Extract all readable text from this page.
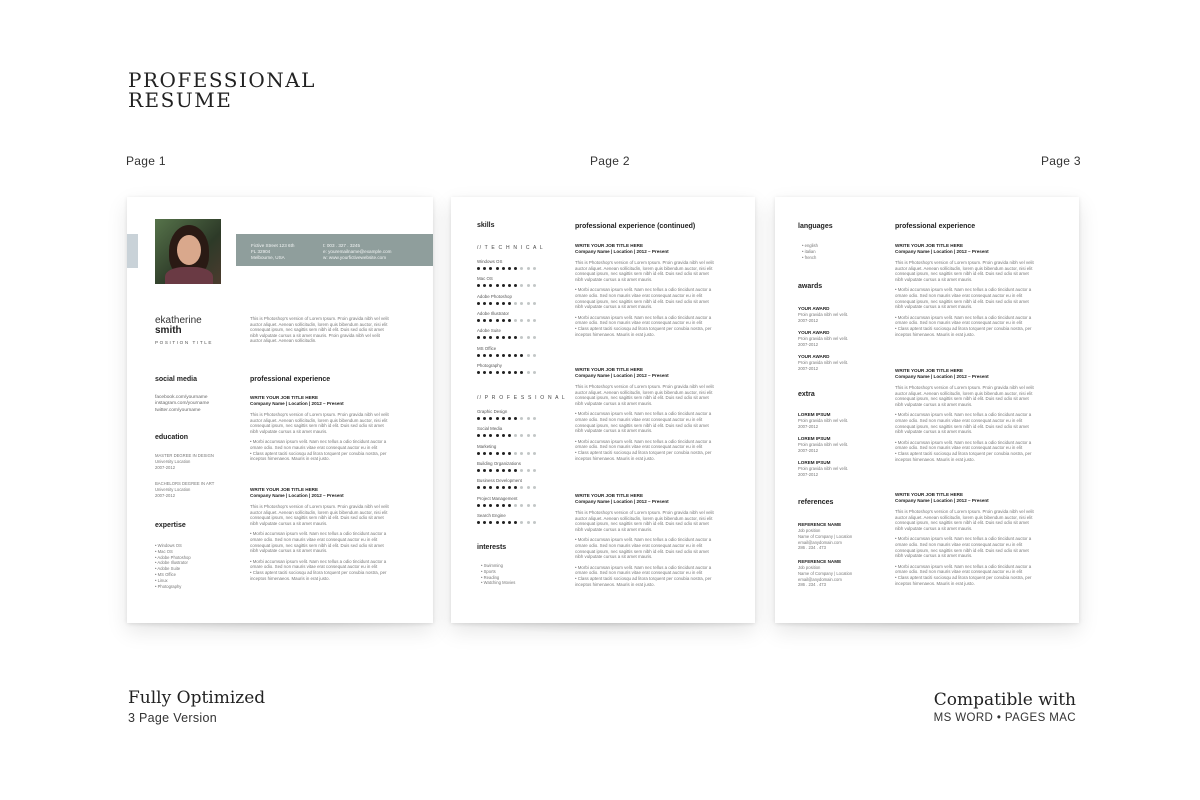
PROFESSIONAL
RESUME
Page 1	Page 2	Page 3
Fictive Street 123 6th
FL 32904
Melbourne, USA
t: 003 . 327 . 3245
e: youremailname@example.com
w: www.yourfictivewebsite.com
ekatherine
smith
POSITION TITLE
This is Photoshop's version of Lorem Ipsum. Proin gravida nibh vel velit
auctor aliquet. Aenean sollicitudin, lorem quis bibendum auctor, nisi elit
consequat ipsum, nec sagittis sem nibh id elit. Duis sed odio sit amet
nibh vulputate cursus a sit amet mauris. Proin gravida nibh vel velit
auctor aliquet. Aenean sollicitudin.
social media
facebook.com/yourname
instagram.com/yourname
twitter.com/yourname
education
MASTER DEGREE IN DESIGN
University Location
2007-2012
BACHELORS DEGREE IN ART
University Location
2007-2012
expertise
• Windows OS
• Mac OS
• Adobe Photoshop
• Adobe Illustrator
• Adobe Suite
• MS Office
• Linux
• Photography
professional experience
WRITE YOUR JOB TITLE HERE
Company Name | Location | 2012 – Present
This is Photoshop's version of Lorem Ipsum. Proin gravida nibh vel velit
auctor aliquet. Aenean sollicitudin, lorem quis bibendum auctor, nisi elit
consequat ipsum, nec sagittis sem nibh id elit. Duis sed odio sit amet
nibh vulputate cursus a sit amet mauris.
• Morbi accumsan ipsum velit. Nam nec tellus a odio tincidunt auctor a
ornare odio. Sed non mauris vitae erat consequat auctor eu in elit
• Class aptent taciti sociosqu ad litora torquent per conubia nostra, per
inceptos himenaeos. Mauris in erat justo.
WRITE YOUR JOB TITLE HERE
Company Name | Location | 2012 – Present
This is Photoshop's version of Lorem Ipsum. Proin gravida nibh vel velit
auctor aliquet. Aenean sollicitudin, lorem quis bibendum auctor, nisi elit
consequat ipsum, nec sagittis sem nibh id elit. Duis sed odio sit amet
nibh vulputate cursus a sit amet mauris.
• Morbi accumsan ipsum velit. Nam nec tellus a odio tincidunt auctor a
ornare odio. Sed non mauris vitae erat consequat auctor eu in elit
consequat ipsum, nec sagittis sem nibh id elit. Duis sed odio sit amet
nibh vulputate cursus a sit amet mauris.
• Morbi accumsan ipsum velit. Nam nec tellus a odio tincidunt auctor a
ornare odio. Sed non mauris vitae erat consequat auctor eu in elit
• Class aptent taciti sociosqu ad litora torquent per conubia nostra, per
inceptos himenaeos. Mauris in erat justo.
skills
// T E C H N I C A L
Windows OS
Mac OS
Adobe Photoshop
Adobe Illustrator
Adobe Suite
MS Office
Photography
// P R O F E S S I O N A L
Graphic Design
Social Media
Marketing
Building Organizations
Business Development
Project Management
Search Engine
interests
• Swimming
• Sports
• Reading
• Watching Movies
professional experience (continued)
WRITE YOUR JOB TITLE HERE
Company Name | Location | 2012 – Present
This is Photoshop's version of Lorem Ipsum. Proin gravida nibh vel velit
auctor aliquet. Aenean sollicitudin, lorem quis bibendum auctor, nisi elit
consequat ipsum, nec sagittis sem nibh id elit. Duis sed odio sit amet
nibh vulputate cursus a sit amet mauris.
• Morbi accumsan ipsum velit. Nam nec tellus a odio tincidunt auctor a
ornare odio. Sed non mauris vitae erat consequat auctor eu in elit
consequat ipsum, nec sagittis sem nibh id elit. Duis sed odio sit amet
nibh vulputate cursus a sit amet mauris.
• Morbi accumsan ipsum velit. Nam nec tellus a odio tincidunt auctor a
ornare odio. Sed non mauris vitae erat consequat auctor eu in elit
• Class aptent taciti sociosqu ad litora torquent per conubia nostra, per
inceptos himenaeos. Mauris in erat justo.
WRITE YOUR JOB TITLE HERE
Company Name | Location | 2012 – Present
This is Photoshop's version of Lorem Ipsum. Proin gravida nibh vel velit
auctor aliquet. Aenean sollicitudin, lorem quis bibendum auctor, nisi elit
consequat ipsum, nec sagittis sem nibh id elit. Duis sed odio sit amet
nibh vulputate cursus a sit amet mauris.
• Morbi accumsan ipsum velit. Nam nec tellus a odio tincidunt auctor a
ornare odio. Sed non mauris vitae erat consequat auctor eu in elit
consequat ipsum, nec sagittis sem nibh id elit. Duis sed odio sit amet
nibh vulputate cursus a sit amet mauris.
• Morbi accumsan ipsum velit. Nam nec tellus a odio tincidunt auctor a
ornare odio. Sed non mauris vitae erat consequat auctor eu in elit
• Class aptent taciti sociosqu ad litora torquent per conubia nostra, per
inceptos himenaeos. Mauris in erat justo.
WRITE YOUR JOB TITLE HERE
Company Name | Location | 2012 – Present
This is Photoshop's version of Lorem Ipsum. Proin gravida nibh vel velit
auctor aliquet. Aenean sollicitudin, lorem quis bibendum auctor, nisi elit
consequat ipsum, nec sagittis sem nibh id elit. Duis sed odio sit amet
nibh vulputate cursus a sit amet mauris.
• Morbi accumsan ipsum velit. Nam nec tellus a odio tincidunt auctor a
ornare odio. Sed non mauris vitae erat consequat auctor eu in elit
consequat ipsum, nec sagittis sem nibh id elit. Duis sed odio sit amet
nibh vulputate cursus a sit amet mauris.
• Morbi accumsan ipsum velit. Nam nec tellus a odio tincidunt auctor a
ornare odio. Sed non mauris vitae erat consequat auctor eu in elit
• Class aptent taciti sociosqu ad litora torquent per conubia nostra, per
inceptos himenaeos. Mauris in erat justo.
languages
• english
• italian
• french
awards
YOUR AWARD
Proin gravida nibh vel velit.
2007-2012
YOUR AWARD
Proin gravida nibh vel velit.
2007-2012
YOUR AWARD
Proin gravida nibh vel velit.
2007-2012
extra
LOREM IPSUM
Proin gravida nibh vel velit.
2007-2012
LOREM IPSUM
Proin gravida nibh vel velit.
2007-2012
LOREM IPSUM
Proin gravida nibh vel velit.
2007-2012
references
REFERENCE NAME
Job position
Name of Company | Location
email@anydomain.com
286 . 234 . 473
REFERENCE NAME
Job position
Name of Company | Location
email@anydomain.com
286 . 234 . 473
professional experience
WRITE YOUR JOB TITLE HERE
Company Name | Location | 2012 – Present
This is Photoshop's version of Lorem Ipsum. Proin gravida nibh vel velit
auctor aliquet. Aenean sollicitudin, lorem quis bibendum auctor, nisi elit
consequat ipsum, nec sagittis sem nibh id elit. Duis sed odio sit amet
nibh vulputate cursus a sit amet mauris.
• Morbi accumsan ipsum velit. Nam nec tellus a odio tincidunt auctor a
ornare odio. Sed non mauris vitae erat consequat auctor eu in elit
consequat ipsum, nec sagittis sem nibh id elit. Duis sed odio sit amet
nibh vulputate cursus a sit amet mauris.
• Morbi accumsan ipsum velit. Nam nec tellus a odio tincidunt auctor a
ornare odio. Sed non mauris vitae erat consequat auctor eu in elit
• Class aptent taciti sociosqu ad litora torquent per conubia nostra, per
inceptos himenaeos. Mauris in erat justo.
WRITE YOUR JOB TITLE HERE
Company Name | Location | 2012 – Present
This is Photoshop's version of Lorem Ipsum. Proin gravida nibh vel velit
auctor aliquet. Aenean sollicitudin, lorem quis bibendum auctor, nisi elit
consequat ipsum, nec sagittis sem nibh id elit. Duis sed odio sit amet
nibh vulputate cursus a sit amet mauris.
• Morbi accumsan ipsum velit. Nam nec tellus a odio tincidunt auctor a
ornare odio. Sed non mauris vitae erat consequat auctor eu in elit
consequat ipsum, nec sagittis sem nibh id elit. Duis sed odio sit amet
nibh vulputate cursus a sit amet mauris.
• Morbi accumsan ipsum velit. Nam nec tellus a odio tincidunt auctor a
ornare odio. Sed non mauris vitae erat consequat auctor eu in elit
• Class aptent taciti sociosqu ad litora torquent per conubia nostra, per
inceptos himenaeos. Mauris in erat justo.
WRITE YOUR JOB TITLE HERE
Company Name | Location | 2012 – Present
This is Photoshop's version of Lorem Ipsum. Proin gravida nibh vel velit
auctor aliquet. Aenean sollicitudin, lorem quis bibendum auctor, nisi elit
consequat ipsum, nec sagittis sem nibh id elit. Duis sed odio sit amet
nibh vulputate cursus a sit amet mauris.
• Morbi accumsan ipsum velit. Nam nec tellus a odio tincidunt auctor a
ornare odio. Sed non mauris vitae erat consequat auctor eu in elit
consequat ipsum, nec sagittis sem nibh id elit. Duis sed odio sit amet
nibh vulputate cursus a sit amet mauris.
• Morbi accumsan ipsum velit. Nam nec tellus a odio tincidunt auctor a
ornare odio. Sed non mauris vitae erat consequat auctor eu in elit
• Class aptent taciti sociosqu ad litora torquent per conubia nostra, per
inceptos himenaeos. Mauris in erat justo.
Fully Optimized
3 Page Version
Compatible with
MS WORD • PAGES MAC
